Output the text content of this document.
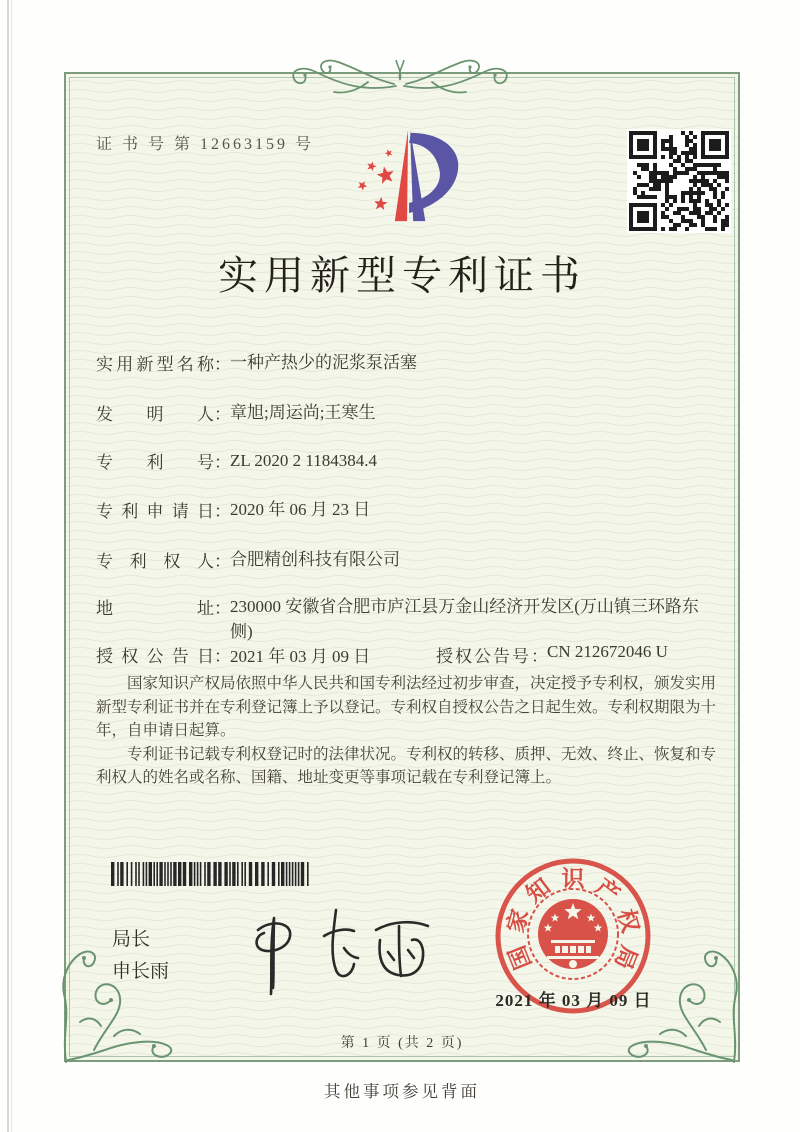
证 书 号 第 12663159 号
实用新型专利证书
实用新型名称：一种产热少的泥浆泵活塞
发明人：章旭;周运尚;王寒生
专利号：ZL 2020 2 1184384.4
专利申请日：2020 年 06 月 23 日
专利权人：合肥精创科技有限公司
地址：230000 安徽省合肥市庐江县万金山经济开发区(万山镇三环路东侧)
授权公告日：2021 年 03 月 09 日	授权公告号：CN 212672046 U

国家知识产权局依照中华人民共和国专利法经过初步审查，决定授予专利权，颁发实用新型专利证书并在专利登记簿上予以登记。专利权自授权公告之日起生效。专利权期限为十年，自申请日起算。

专利证书记载专利权登记时的法律状况。专利权的转移、质押、无效、终止、恢复和专利权人的姓名或名称、国籍、地址变更等事项记载在专利登记簿上。

局长
申长雨	国
家
知 识 产
权
局
2021 年 03 月 09 日
第 1 页 (共 2 页)
其他事项参见背面
